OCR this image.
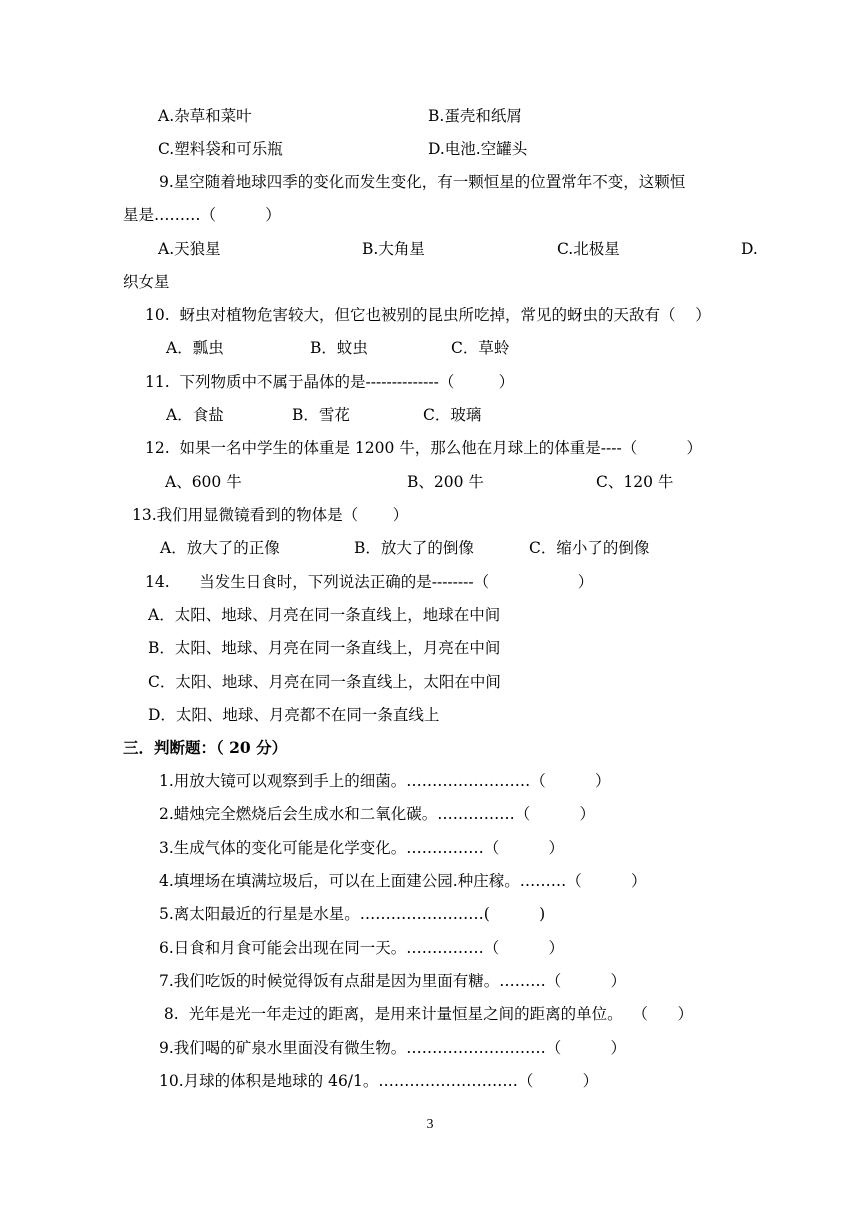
A.杂草和菜叶	B.蛋壳和纸屑
C.塑料袋和可乐瓶	D.电池.空罐头
9.星空随着地球四季的变化而发生变化，有一颗恒星的位置常年不变，这颗恒
星是………（          ）
A.天狼星	B.大角星	C.北极星	D.
织女星
10.  蚜虫对植物危害较大，但它也被别的昆虫所吃掉，常见的蚜虫的天敌有（    ）
A．瓢虫	B．蚊虫	C．草蛉
11.  下列物质中不属于晶体的是--------------（         ）
A．食盐	B．雪花	C．玻璃
12.  如果一名中学生的体重是 1200 牛，那么他在月球上的体重是----（          ）
A、600 牛	B、200 牛	C、120 牛
13.我们用显微镜看到的物体是（       ）
A．放大了的正像	B．放大了的倒像	C．缩小了的倒像
14.      当发生日食时，下列说法正确的是--------（                  ）
A．太阳、地球、月亮在同一条直线上，地球在中间
B．太阳、地球、月亮在同一条直线上，月亮在中间
C．太阳、地球、月亮在同一条直线上，太阳在中间
D．太阳、地球、月亮都不在同一条直线上
三．判断题：（ 20 分）
1.用放大镜可以观察到手上的细菌。……………………（          ）
2.蜡烛完全燃烧后会生成水和二氧化碳。……………（          ）
3.生成气体的变化可能是化学变化。……………（          ）
4.填埋场在填满垃圾后，可以在上面建公园.种庄稼。………（          ）
5.离太阳最近的行星是水星。……………………(          )
6.日食和月食可能会出现在同一天。……………（          ）
7.我们吃饭的时候觉得饭有点甜是因为里面有糖。………（          ）
8.  光年是光一年走过的距离，是用来计量恒星之间的距离的单位。  （      ）
9.我们喝的矿泉水里面没有微生物。………………………（          ）
10.月球的体积是地球的 46/1。………………………（          ）
3
